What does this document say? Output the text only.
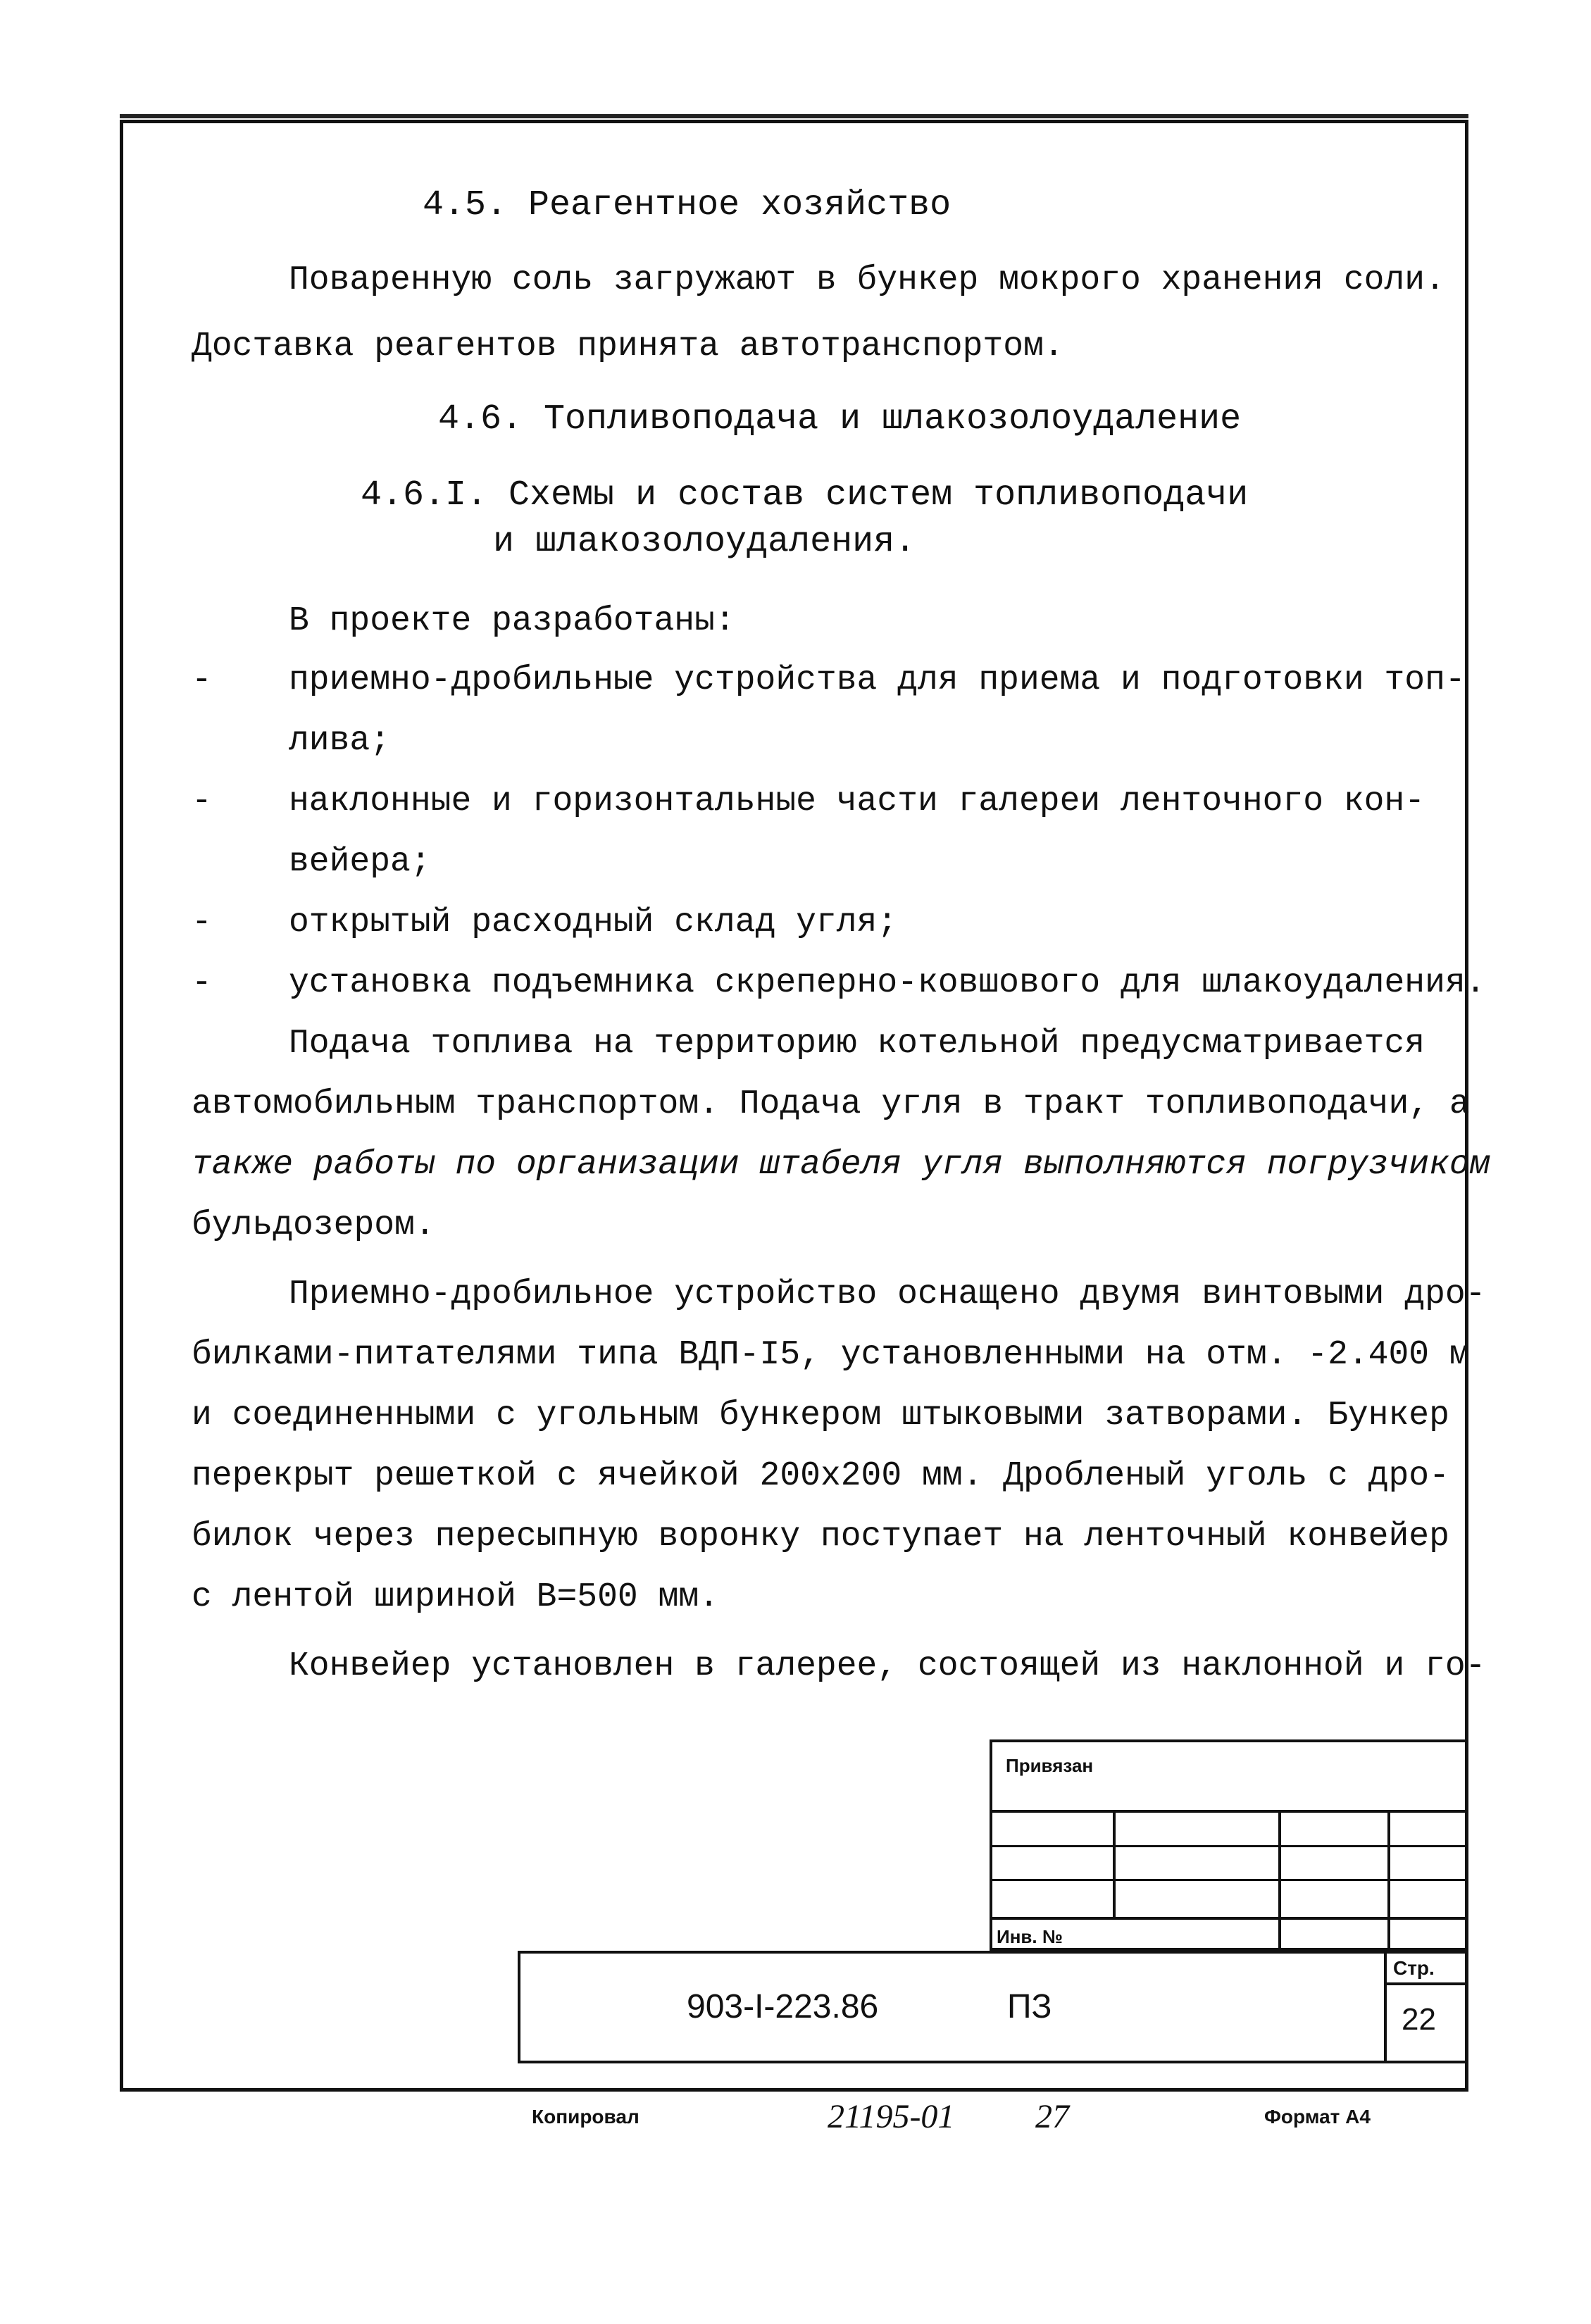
4.5. Реагентное хозяйство
Поваренную соль загружают в бункер мокрого хранения соли.
Доставка реагентов принята автотранспортом.
4.6. Топливоподача и шлакозолоудаление
4.6.I. Схемы и состав систем топливоподачи
и шлакозолоудаления.
В проекте разработаны:
- приемно-дробильные устройства для приема и подготовки топ-
лива;
- наклонные и горизонтальные части галереи ленточного кон-
вейера;
- открытый расходный склад угля;
- установка подъемника скреперно-ковшового для шлакоудаления.
Подача топлива на территорию котельной предусматривается
автомобильным транспортом. Подача угля в тракт топливоподачи, а
также работы по организации штабеля угля выполняются погрузчиком
бульдозером.
Приемно-дробильное устройство оснащено двумя винтовыми дро-
билками-питателями типа ВДП-I5, установленными на отм. -2.400 м
и соединенными с угольным бункером штыковыми затворами. Бункер
перекрыт решеткой с ячейкой 200х200 мм. Дробленый уголь с дро-
билок через пересыпную воронку поступает на ленточный конвейер
с лентой шириной В=500 мм.
Конвейер установлен в галерее, состоящей из наклонной и го-
Привязан
Инв. №
903-I-223.86	ПЗ
Стр.
22
Копировал	21195-01 27	Формат А4
